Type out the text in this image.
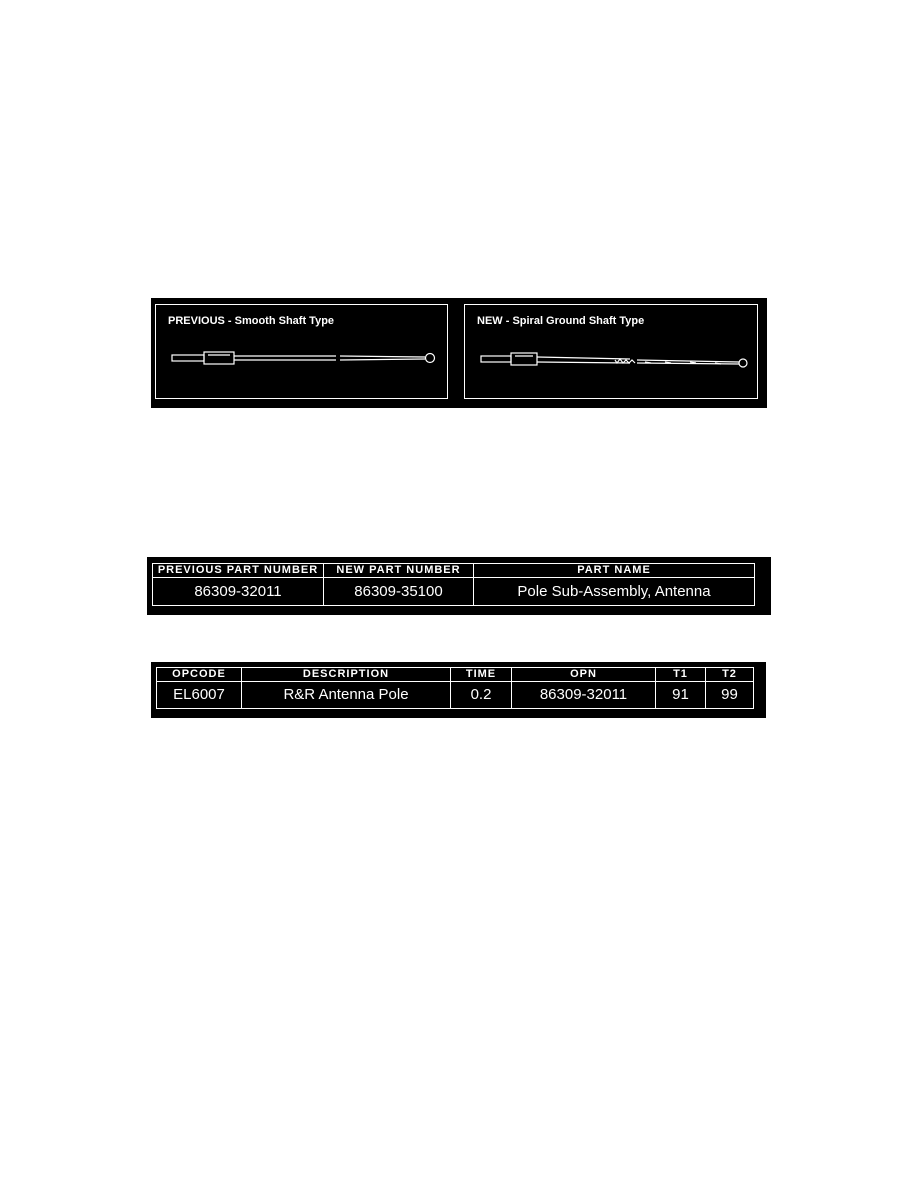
PREVIOUS - Smooth Shaft Type	NEW - Spiral Ground Shaft Type
PREVIOUS PART NUMBER	NEW PART NUMBER	PART NAME
86309-32011	86309-35100	Pole Sub-Assembly, Antenna
OPCODE	DESCRIPTION	TIME	OPN	T1	T2
EL6007	R&R Antenna Pole	0.2	86309-32011	91	99
